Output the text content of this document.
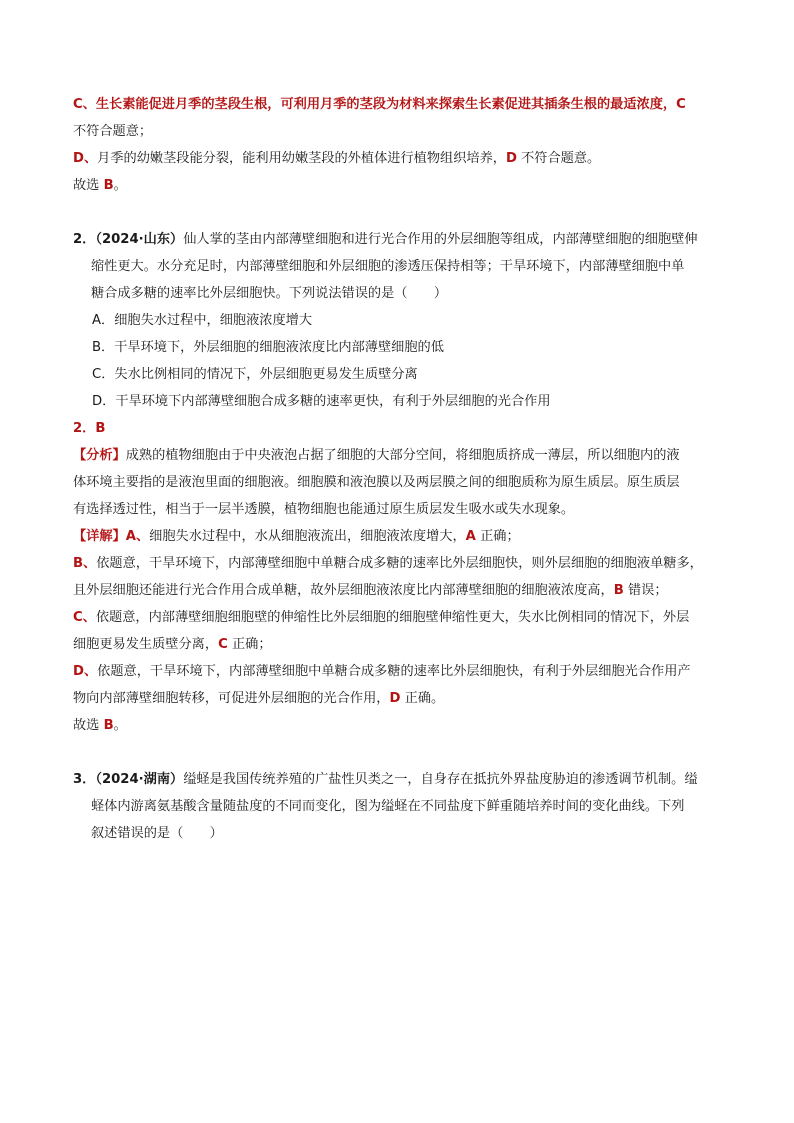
C、生长素能促进月季的茎段生根，可利用月季的茎段为材料来探索生长素促进其插条生根的最适浓度，C
不符合题意；
D、月季的幼嫩茎段能分裂，能利用幼嫩茎段的外植体进行植物组织培养，D 不符合题意。
故选 B。
2．（2024·山东）仙人掌的茎由内部薄壁细胞和进行光合作用的外层细胞等组成，内部薄壁细胞的细胞壁伸
缩性更大。水分充足时，内部薄壁细胞和外层细胞的渗透压保持相等；干旱环境下，内部薄壁细胞中单
糖合成多糖的速率比外层细胞快。下列说法错误的是（　　）
A．细胞失水过程中，细胞液浓度增大
B．干旱环境下，外层细胞的细胞液浓度比内部薄壁细胞的低
C．失水比例相同的情况下，外层细胞更易发生质壁分离
D．干旱环境下内部薄壁细胞合成多糖的速率更快，有利于外层细胞的光合作用
2．B
【分析】成熟的植物细胞由于中央液泡占据了细胞的大部分空间，将细胞质挤成一薄层，所以细胞内的液
体环境主要指的是液泡里面的细胞液。细胞膜和液泡膜以及两层膜之间的细胞质称为原生质层。原生质层
有选择透过性，相当于一层半透膜，植物细胞也能通过原生质层发生吸水或失水现象。
【详解】A、细胞失水过程中，水从细胞液流出，细胞液浓度增大，A 正确；
B、依题意，干旱环境下，内部薄壁细胞中单糖合成多糖的速率比外层细胞快，则外层细胞的细胞液单糖多，
且外层细胞还能进行光合作用合成单糖，故外层细胞液浓度比内部薄壁细胞的细胞液浓度高，B 错误；
C、依题意，内部薄壁细胞细胞壁的伸缩性比外层细胞的细胞壁伸缩性更大，失水比例相同的情况下，外层
细胞更易发生质壁分离，C 正确；
D、依题意，干旱环境下，内部薄壁细胞中单糖合成多糖的速率比外层细胞快，有利于外层细胞光合作用产
物向内部薄壁细胞转移，可促进外层细胞的光合作用，D 正确。
故选 B。
3．（2024·湖南）缢蛏是我国传统养殖的广盐性贝类之一，自身存在抵抗外界盐度胁迫的渗透调节机制。缢
蛏体内游离氨基酸含量随盐度的不同而变化，图为缢蛏在不同盐度下鲜重随培养时间的变化曲线。下列
叙述错误的是（　　）
